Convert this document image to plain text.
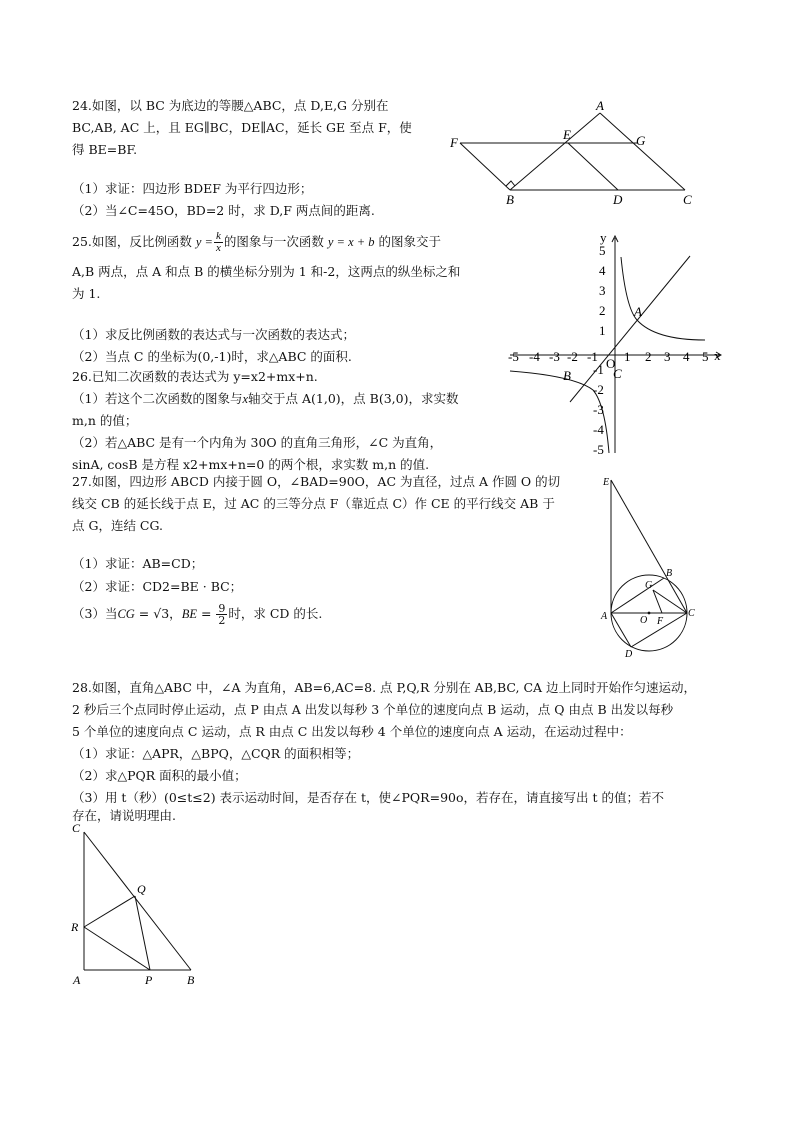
24.如图，以 BC 为底边的等腰△ABC，点 D,E,G 分别在
BC,AB, AC 上，且 EG∥BC，DE∥AC，延长 GE 至点 F，使
得 BE=BF.
（1）求证：四边形 BDEF 为平行四边形；
（2）当∠C=45O，BD=2 时，求 D,F 两点间的距离.
F
A
E	G
B	D	C
25.如图，反比例函数 $y = \frac{k}{x}$ 的图象与一次函数 y = x + b 的图象交于
A,B 两点，点 A 和点 B 的横坐标分别为 1 和-2，这两点的纵坐标之和
为 1.
（1）求反比例函数的表达式与一次函数的表达式；
（2）当点 C 的坐标为(0,-1)时，求△ABC 的面积.	x
y
O
-5 -4 -3 -2 -1 1 2 3 4 5
5
4
3
2
1
-1
-2
-3
-4
-5
A
B	C
26.已知二次函数的表达式为 y=x2+mx+n.
（1）若这个二次函数的图象与x轴交于点 A(1,0)，点 B(3,0)，求实数
m,n 的值；
（2）若△ABC 是有一个内角为 30O 的直角三角形，∠C 为直角，
sinA, cosB 是方程 x2+mx+n=0 的两个根，求实数 m,n 的值.
27.如图，四边形 ABCD 内接于圆 O，∠BAD=90O，AC 为直径，过点 A 作圆 O 的切
线交 CB 的延长线于点 E，过 AC 的三等分点 F（靠近点 C）作 CE 的平行线交 AB 于
点 G，连结 CG.
（1）求证：AB=CD；
（2）求证：CD2=BE · BC；
（3）当CG = √3，BE = $\frac{9}{2}$ 时，求 CD 的长.
E
B
G
A	O F
C
D
28.如图，直角△ABC 中，∠A 为直角，AB=6,AC=8. 点 P,Q,R 分别在 AB,BC, CA 边上同时开始作匀速运动，
2 秒后三个点同时停止运动，点 P 由点 A 出发以每秒 3 个单位的速度向点 B 运动，点 Q 由点 B 出发以每秒
5 个单位的速度向点 C 运动，点 R 由点 C 出发以每秒 4 个单位的速度向点 A 运动，在运动过程中：
（1）求证：△APR，△BPQ，△CQR 的面积相等；
（2）求△PQR 面积的最小值；
（3）用 t（秒）(0≤t≤2) 表示运动时间，是否存在 t，使∠PQR=90o，若存在，请直接写出 t 的值；若不
存在，请说明理由.
C
Q
R
A	P	B
